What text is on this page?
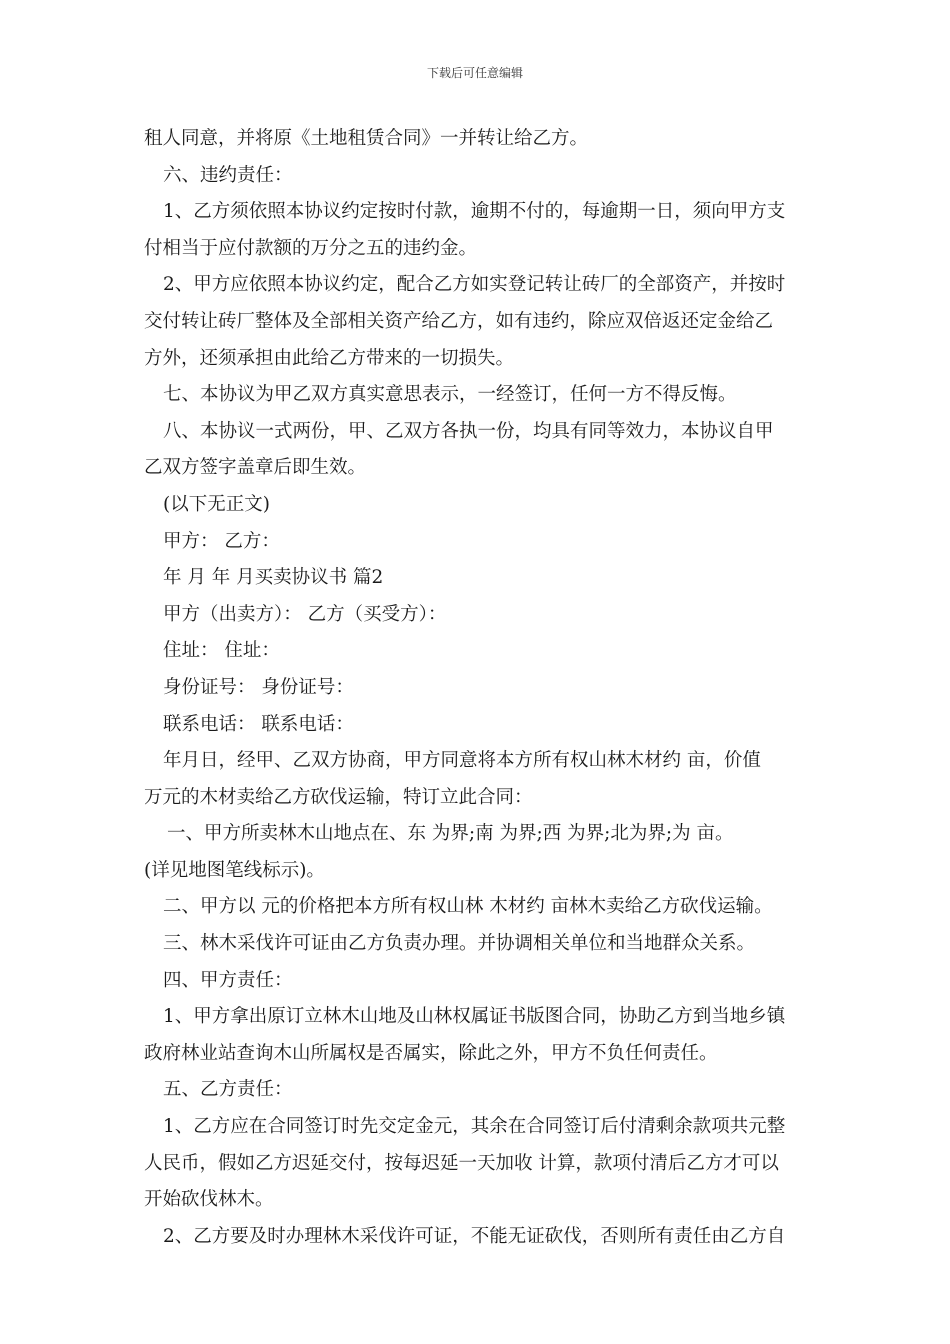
下载后可任意编辑
租人同意，并将原《土地租赁合同》一并转让给乙方。
六、违约责任：
1、乙方须依照本协议约定按时付款，逾期不付的，每逾期一日，须向甲方支
付相当于应付款额的万分之五的违约金。
2、甲方应依照本协议约定，配合乙方如实登记转让砖厂的全部资产，并按时
交付转让砖厂整体及全部相关资产给乙方，如有违约，除应双倍返还定金给乙
方外，还须承担由此给乙方带来的一切损失。
七、本协议为甲乙双方真实意思表示，一经签订，任何一方不得反悔。
八、本协议一式两份，甲、乙双方各执一份，均具有同等效力，本协议自甲
乙双方签字盖章后即生效。
(以下无正文)
甲方： 乙方：
年 月 年 月买卖协议书 篇2
甲方（出卖方）： 乙方（买受方）：
住址： 住址：
身份证号： 身份证号：
联系电话： 联系电话：
年月日，经甲、乙双方协商，甲方同意将本方所有权山林木材约 亩，价值
万元的木材卖给乙方砍伐运输，特订立此合同：
一、甲方所卖林木山地点在、东 为界;南 为界;西 为界;北为界;为 亩。
(详见地图笔线标示)。
二、甲方以 元的价格把本方所有权山林 木材约 亩林木卖给乙方砍伐运输。
三、林木采伐许可证由乙方负责办理。并协调相关单位和当地群众关系。
四、甲方责任：
1、甲方拿出原订立林木山地及山林权属证书版图合同，协助乙方到当地乡镇
政府林业站查询木山所属权是否属实，除此之外，甲方不负任何责任。
五、乙方责任：
1、乙方应在合同签订时先交定金元，其余在合同签订后付清剩余款项共元整
人民币，假如乙方迟延交付，按每迟延一天加收 计算，款项付清后乙方才可以
开始砍伐林木。
2、乙方要及时办理林木采伐许可证，不能无证砍伐，否则所有责任由乙方自
